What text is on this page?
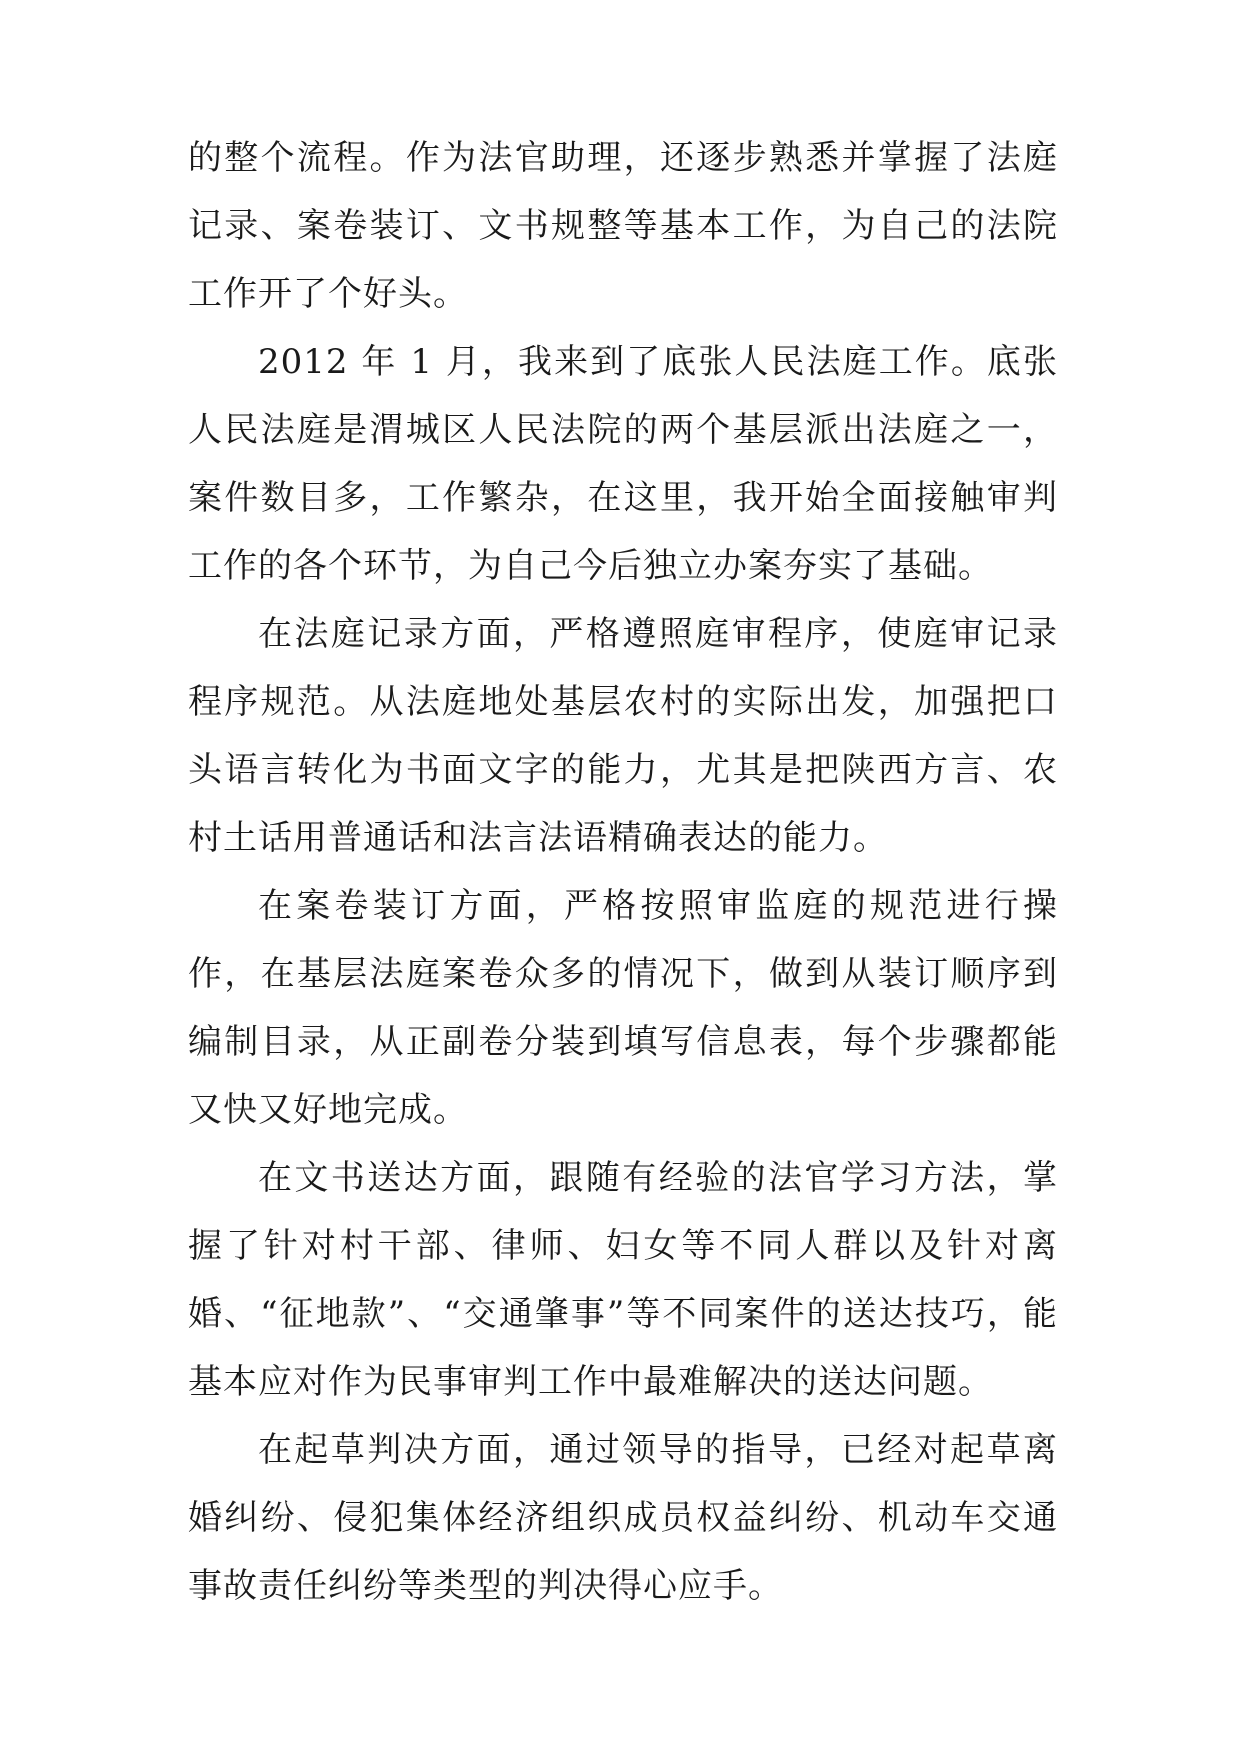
的整个流程。作为法官助理，还逐步熟悉并掌握了法庭记录、案卷装订、文书规整等基本工作，为自己的法院工作开了个好头。

2012 年 1 月，我来到了底张人民法庭工作。底张人民法庭是渭城区人民法院的两个基层派出法庭之一，案件数目多，工作繁杂，在这里，我开始全面接触审判工作的各个环节，为自己今后独立办案夯实了基础。

在法庭记录方面，严格遵照庭审程序，使庭审记录程序规范。从法庭地处基层农村的实际出发，加强把口头语言转化为书面文字的能力，尤其是把陕西方言、农村土话用普通话和法言法语精确表达的能力。

在案卷装订方面，严格按照审监庭的规范进行操作，在基层法庭案卷众多的情况下，做到从装订顺序到编制目录，从正副卷分装到填写信息表，每个步骤都能又快又好地完成。

在文书送达方面，跟随有经验的法官学习方法，掌握了针对村干部、律师、妇女等不同人群以及针对离婚、“征地款”、“交通肇事”等不同案件的送达技巧，能基本应对作为民事审判工作中最难解决的送达问题。

在起草判决方面，通过领导的指导，已经对起草离婚纠纷、侵犯集体经济组织成员权益纠纷、机动车交通事故责任纠纷等类型的判决得心应手。
